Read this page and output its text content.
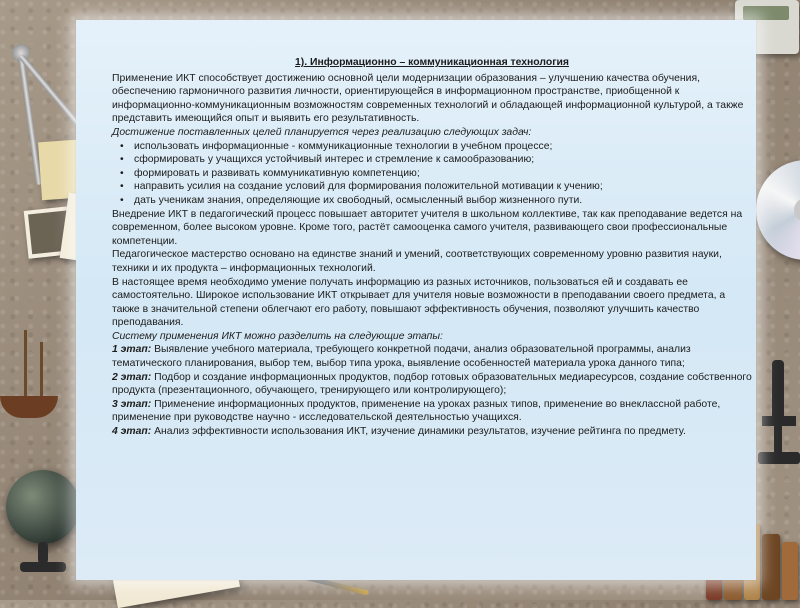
1). Информационно – коммуникационная технология

Применение ИКТ способствует достижению основной цели модернизации образования – улучшению качества обучения, обеспечению гармоничного развития личности, ориентирующейся в информационном пространстве, приобщенной к информационно-коммуникационным возможностям современных технологий и обладающей информационной культурой, а также представить имеющийся опыт и выявить его результативность.

Достижение поставленных целей планируется через реализацию следующих задач:

• использовать информационные - коммуникационные технологии в учебном процессе;

• сформировать у учащихся устойчивый интерес и стремление к самообразованию;

• формировать и развивать коммуникативную компетенцию;

• направить усилия на создание условий для формирования положительной мотивации к учению;

• дать ученикам знания, определяющие их свободный, осмысленный выбор жизненного пути.

Внедрение ИКТ в педагогический процесс повышает авторитет учителя в школьном коллективе, так как преподавание ведется на современном, более высоком уровне. Кроме того, растёт самооценка самого учителя, развивающего свои профессиональные компетенции.

Педагогическое мастерство основано на единстве знаний и умений, соответствующих современному уровню развития науки, техники и их продукта – информационных технологий.

В настоящее время необходимо умение получать информацию из разных источников, пользоваться ей и создавать ее самостоятельно. Широкое использование ИКТ открывает для учителя новые возможности в преподавании своего предмета, а также в значительной степени облегчают его работу, повышают эффективность обучения, позволяют улучшить качество преподавания.

Систему применения ИКТ можно разделить на следующие этапы:

1 этап: Выявление учебного материала, требующего конкретной подачи, анализ образовательной программы, анализ тематического планирования, выбор тем, выбор типа урока, выявление особенностей материала урока данного типа;

2 этап: Подбор и создание информационных продуктов, подбор готовых образовательных медиаресурсов, создание собственного продукта (презентационного, обучающего, тренирующего или контролирующего);

3 этап: Применение информационных продуктов, применение на уроках разных типов, применение во внеклассной работе, применение при руководстве научно - исследовательской деятельностью учащихся.

4 этап: Анализ эффективности использования ИКТ, изучение динамики результатов, изучение рейтинга по предмету.
